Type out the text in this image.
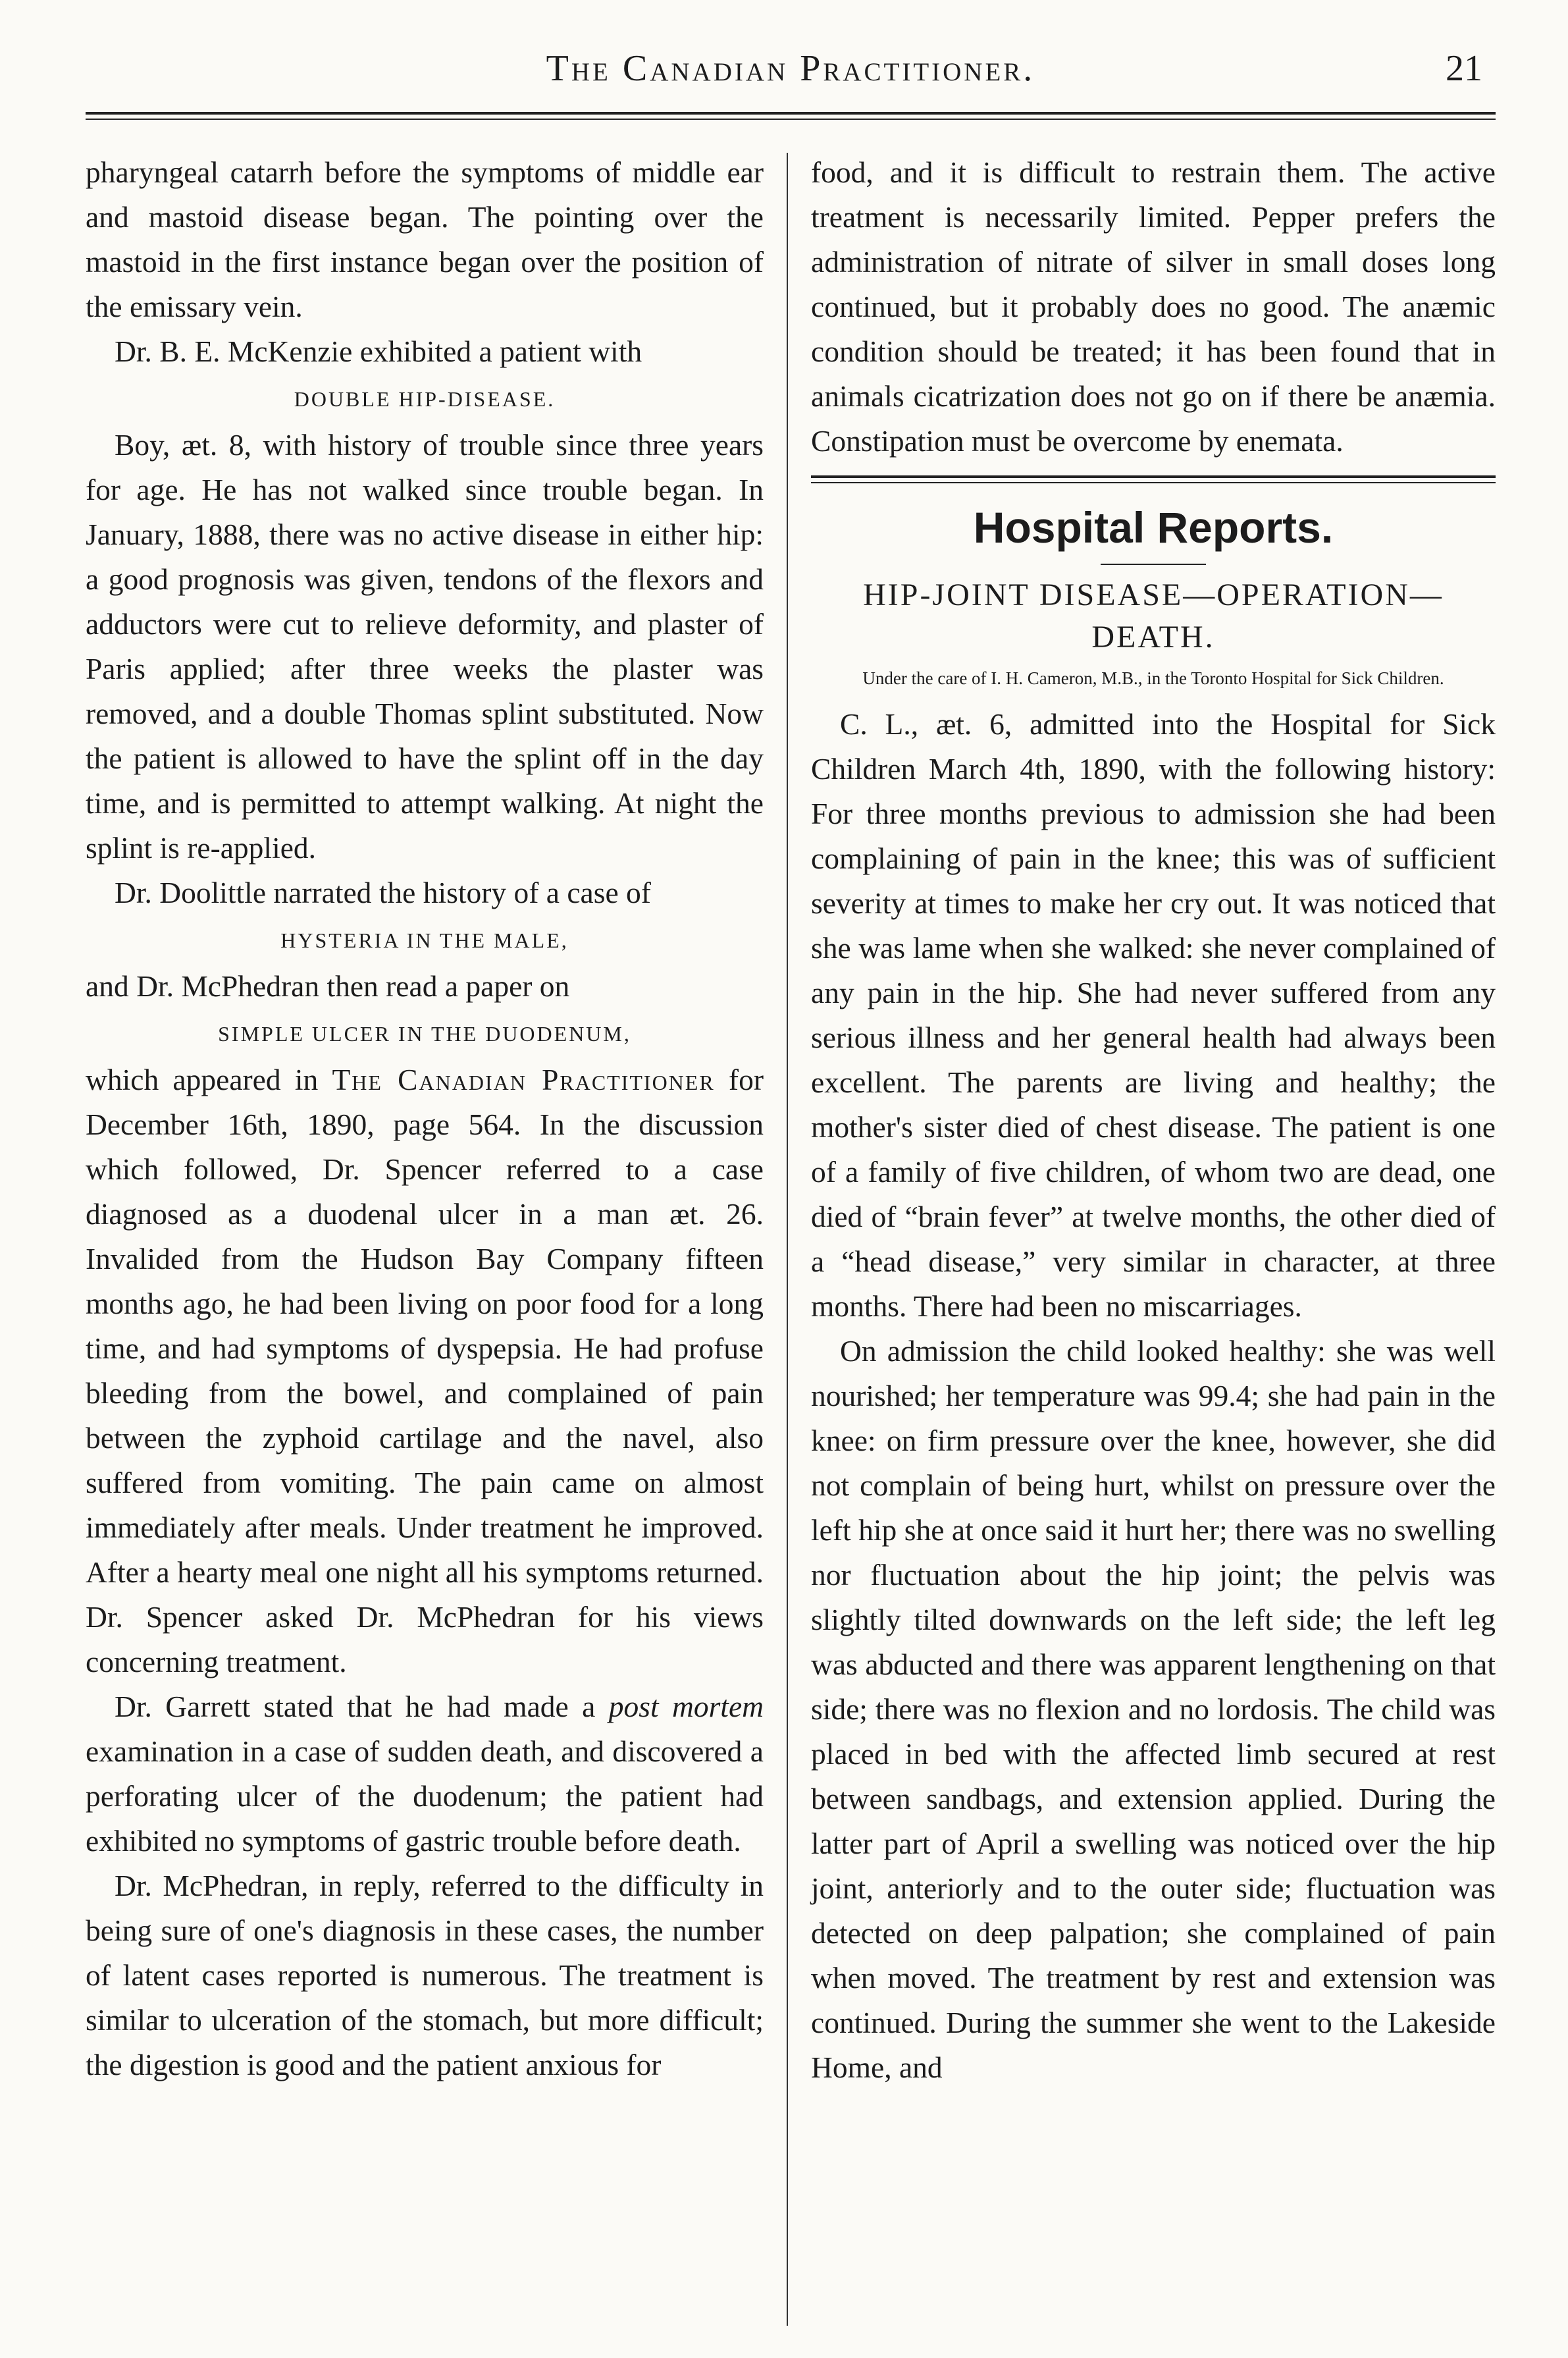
The Canadian Practitioner.	21

pharyngeal catarrh before the symptoms of middle ear and mastoid disease began. The pointing over the mastoid in the first instance began over the position of the emissary vein.

Dr. B. E. McKenzie exhibited a patient with

DOUBLE HIP-DISEASE.

Boy, æt. 8, with history of trouble since three years for age. He has not walked since trouble began. In January, 1888, there was no active disease in either hip: a good prognosis was given, tendons of the flexors and adductors were cut to relieve deformity, and plaster of Paris applied; after three weeks the plaster was removed, and a double Thomas splint substituted. Now the patient is allowed to have the splint off in the day time, and is permitted to attempt walking. At night the splint is re-applied.

Dr. Doolittle narrated the history of a case of

HYSTERIA IN THE MALE,

and Dr. McPhedran then read a paper on

SIMPLE ULCER IN THE DUODENUM,

which appeared in The Canadian Practitioner for December 16th, 1890, page 564. In the discussion which followed, Dr. Spencer referred to a case diagnosed as a duodenal ulcer in a man æt. 26. Invalided from the Hudson Bay Company fifteen months ago, he had been living on poor food for a long time, and had symptoms of dyspepsia. He had profuse bleeding from the bowel, and complained of pain between the zyphoid cartilage and the navel, also suffered from vomiting. The pain came on almost immediately after meals. Under treatment he improved. After a hearty meal one night all his symptoms returned. Dr. Spencer asked Dr. McPhedran for his views concerning treatment.

Dr. Garrett stated that he had made a post mortem examination in a case of sudden death, and discovered a perforating ulcer of the duodenum; the patient had exhibited no symptoms of gastric trouble before death.

Dr. McPhedran, in reply, referred to the difficulty in being sure of one's diagnosis in these cases, the number of latent cases reported is numerous. The treatment is similar to ulceration of the stomach, but more difficult; the digestion is good and the patient anxious for

food, and it is difficult to restrain them. The active treatment is necessarily limited. Pepper prefers the administration of nitrate of silver in small doses long continued, but it probably does no good. The anæmic condition should be treated; it has been found that in animals cicatrization does not go on if there be anæmia. Constipation must be overcome by enemata.

Hospital Reports.
HIP-JOINT DISEASE—OPERATION—DEATH.
Under the care of I. H. Cameron, M.B., in the Toronto Hospital for Sick Children.

C. L., æt. 6, admitted into the Hospital for Sick Children March 4th, 1890, with the following history: For three months previous to admission she had been complaining of pain in the knee; this was of sufficient severity at times to make her cry out. It was noticed that she was lame when she walked: she never complained of any pain in the hip. She had never suffered from any serious illness and her general health had always been excellent. The parents are living and healthy; the mother's sister died of chest disease. The patient is one of a family of five children, of whom two are dead, one died of “brain fever” at twelve months, the other died of a “head disease,” very similar in character, at three months. There had been no miscarriages.

On admission the child looked healthy: she was well nourished; her temperature was 99.4; she had pain in the knee: on firm pressure over the knee, however, she did not complain of being hurt, whilst on pressure over the left hip she at once said it hurt her; there was no swelling nor fluctuation about the hip joint; the pelvis was slightly tilted downwards on the left side; the left leg was abducted and there was apparent lengthening on that side; there was no flexion and no lordosis. The child was placed in bed with the affected limb secured at rest between sandbags, and extension applied. During the latter part of April a swelling was noticed over the hip joint, anteriorly and to the outer side; fluctuation was detected on deep palpation; she complained of pain when moved. The treatment by rest and extension was continued. During the summer she went to the Lakeside Home, and
